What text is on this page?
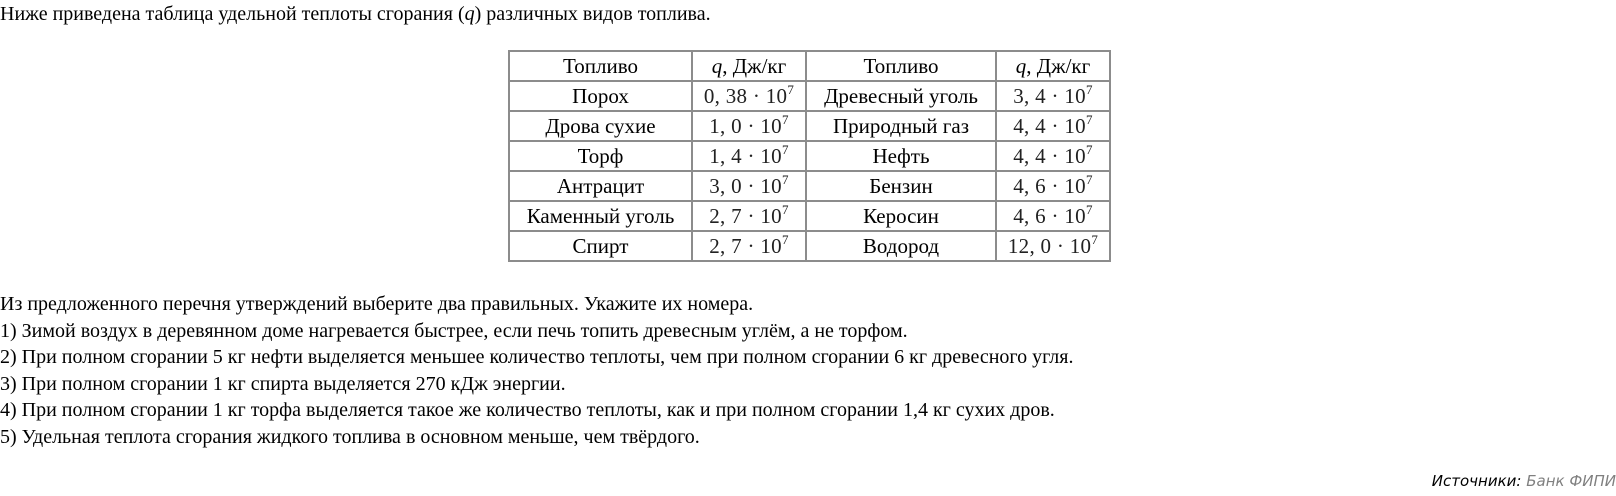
Ниже приведена таблица удельной теплоты сгорания (q) различных видов топлива.
Топливо	q, Дж/кг	Топливо	q, Дж/кг
Порох	0, $38 \cdot 10^7$	Древесный уголь	3, $4 \cdot 10^7$
Дрова сухие	1, $0 \cdot 10^7$	Природный газ	4, $4 \cdot 10^7$
Торф	1, $4 \cdot 10^7$	Нефть	4, $4 \cdot 10^7$
Антрацит	3, $0 \cdot 10^7$	Бензин	4, $6 \cdot 10^7$
Каменный уголь	2, $7 \cdot 10^7$	Керосин	4, $6 \cdot 10^7$
Спирт	2, $7 \cdot 10^7$	Водород	12, $0 \cdot 10^7$
Из предложенного перечня утверждений выберите два правильных. Укажите их номера.
1) Зимой воздух в деревянном доме нагревается быстрее, если печь топить древесным углём, а не торфом.
2) При полном сгорании 5 кг нефти выделяется меньшее количество теплоты, чем при полном сгорании 6 кг древесного угля.
3) При полном сгорании 1 кг спирта выделяется 270 кДж энергии.
4) При полном сгорании 1 кг торфа выделяется такое же количество теплоты, как и при полном сгорании 1,4 кг сухих дров.
5) Удельная теплота сгорания жидкого топлива в основном меньше, чем твёрдого.
Источники: Банк ФИПИ
